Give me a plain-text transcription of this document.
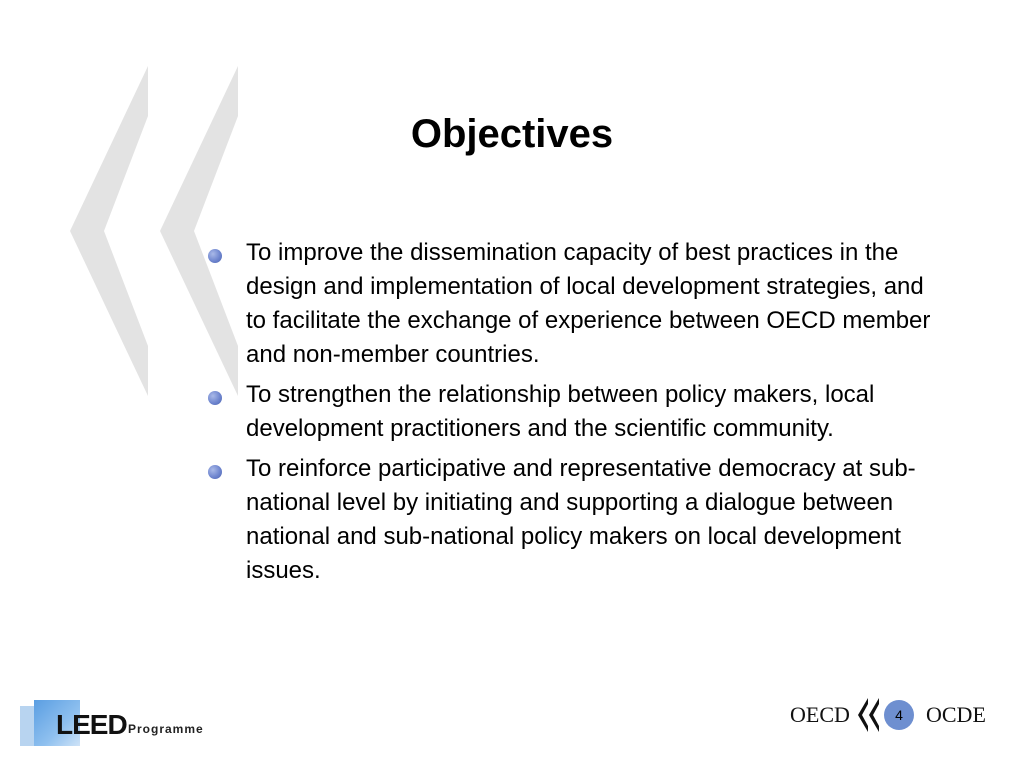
Objectives
To improve the dissemination capacity of best practices in the design and implementation of local development strategies, and to facilitate the exchange of experience between OECD member and non-member countries.
To strengthen the relationship between policy makers, local development practitioners and the scientific community.
To reinforce participative and representative democracy at sub-national level by initiating and supporting a dialogue between national and sub-national policy makers on local development issues.
LEED Programme
OECD	4	OCDE
